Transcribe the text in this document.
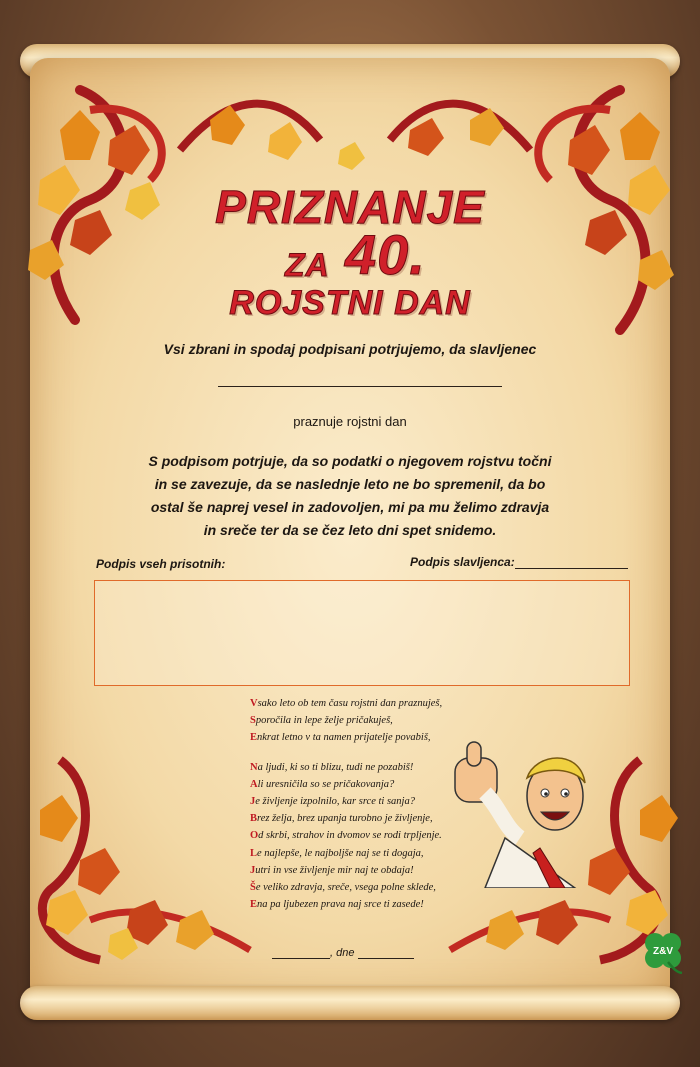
PRIZNANJE
ZA 40.
ROJSTNI DAN
Vsi zbrani in spodaj podpisani potrjujemo, da slavljenec
praznuje rojstni dan
S podpisom potrjuje, da so podatki o njegovem rojstvu točni
in se zavezuje, da se naslednje leto ne bo spremenil, da bo
ostal še naprej vesel in zadovoljen, mi pa mu želimo zdravja
in sreče ter da se čez leto dni spet snidemo.
Podpis vseh prisotnih:	Podpis slavljenca:
Vsako leto ob tem času rojstni dan praznuješ,
Sporočila in lepe želje pričakuješ,
Enkrat letno v ta namen prijatelje povabiš,
Na ljudi, ki so ti blizu, tudi ne pozabiš!
Ali uresničila so se pričakovanja?
Je življenje izpolnilo, kar srce ti sanja?
Brez želja, brez upanja turobno je življenje,
Od skrbi, strahov in dvomov se rodi trpljenje.
Le najlepše, le najboljše naj se ti dogaja,
Jutri in vse življenje mir naj te obdaja!
Še veliko zdravja, sreče, vsega polne sklede,
Ena pa ljubezen prava naj srce ti zasede!
, dne	Z&V
